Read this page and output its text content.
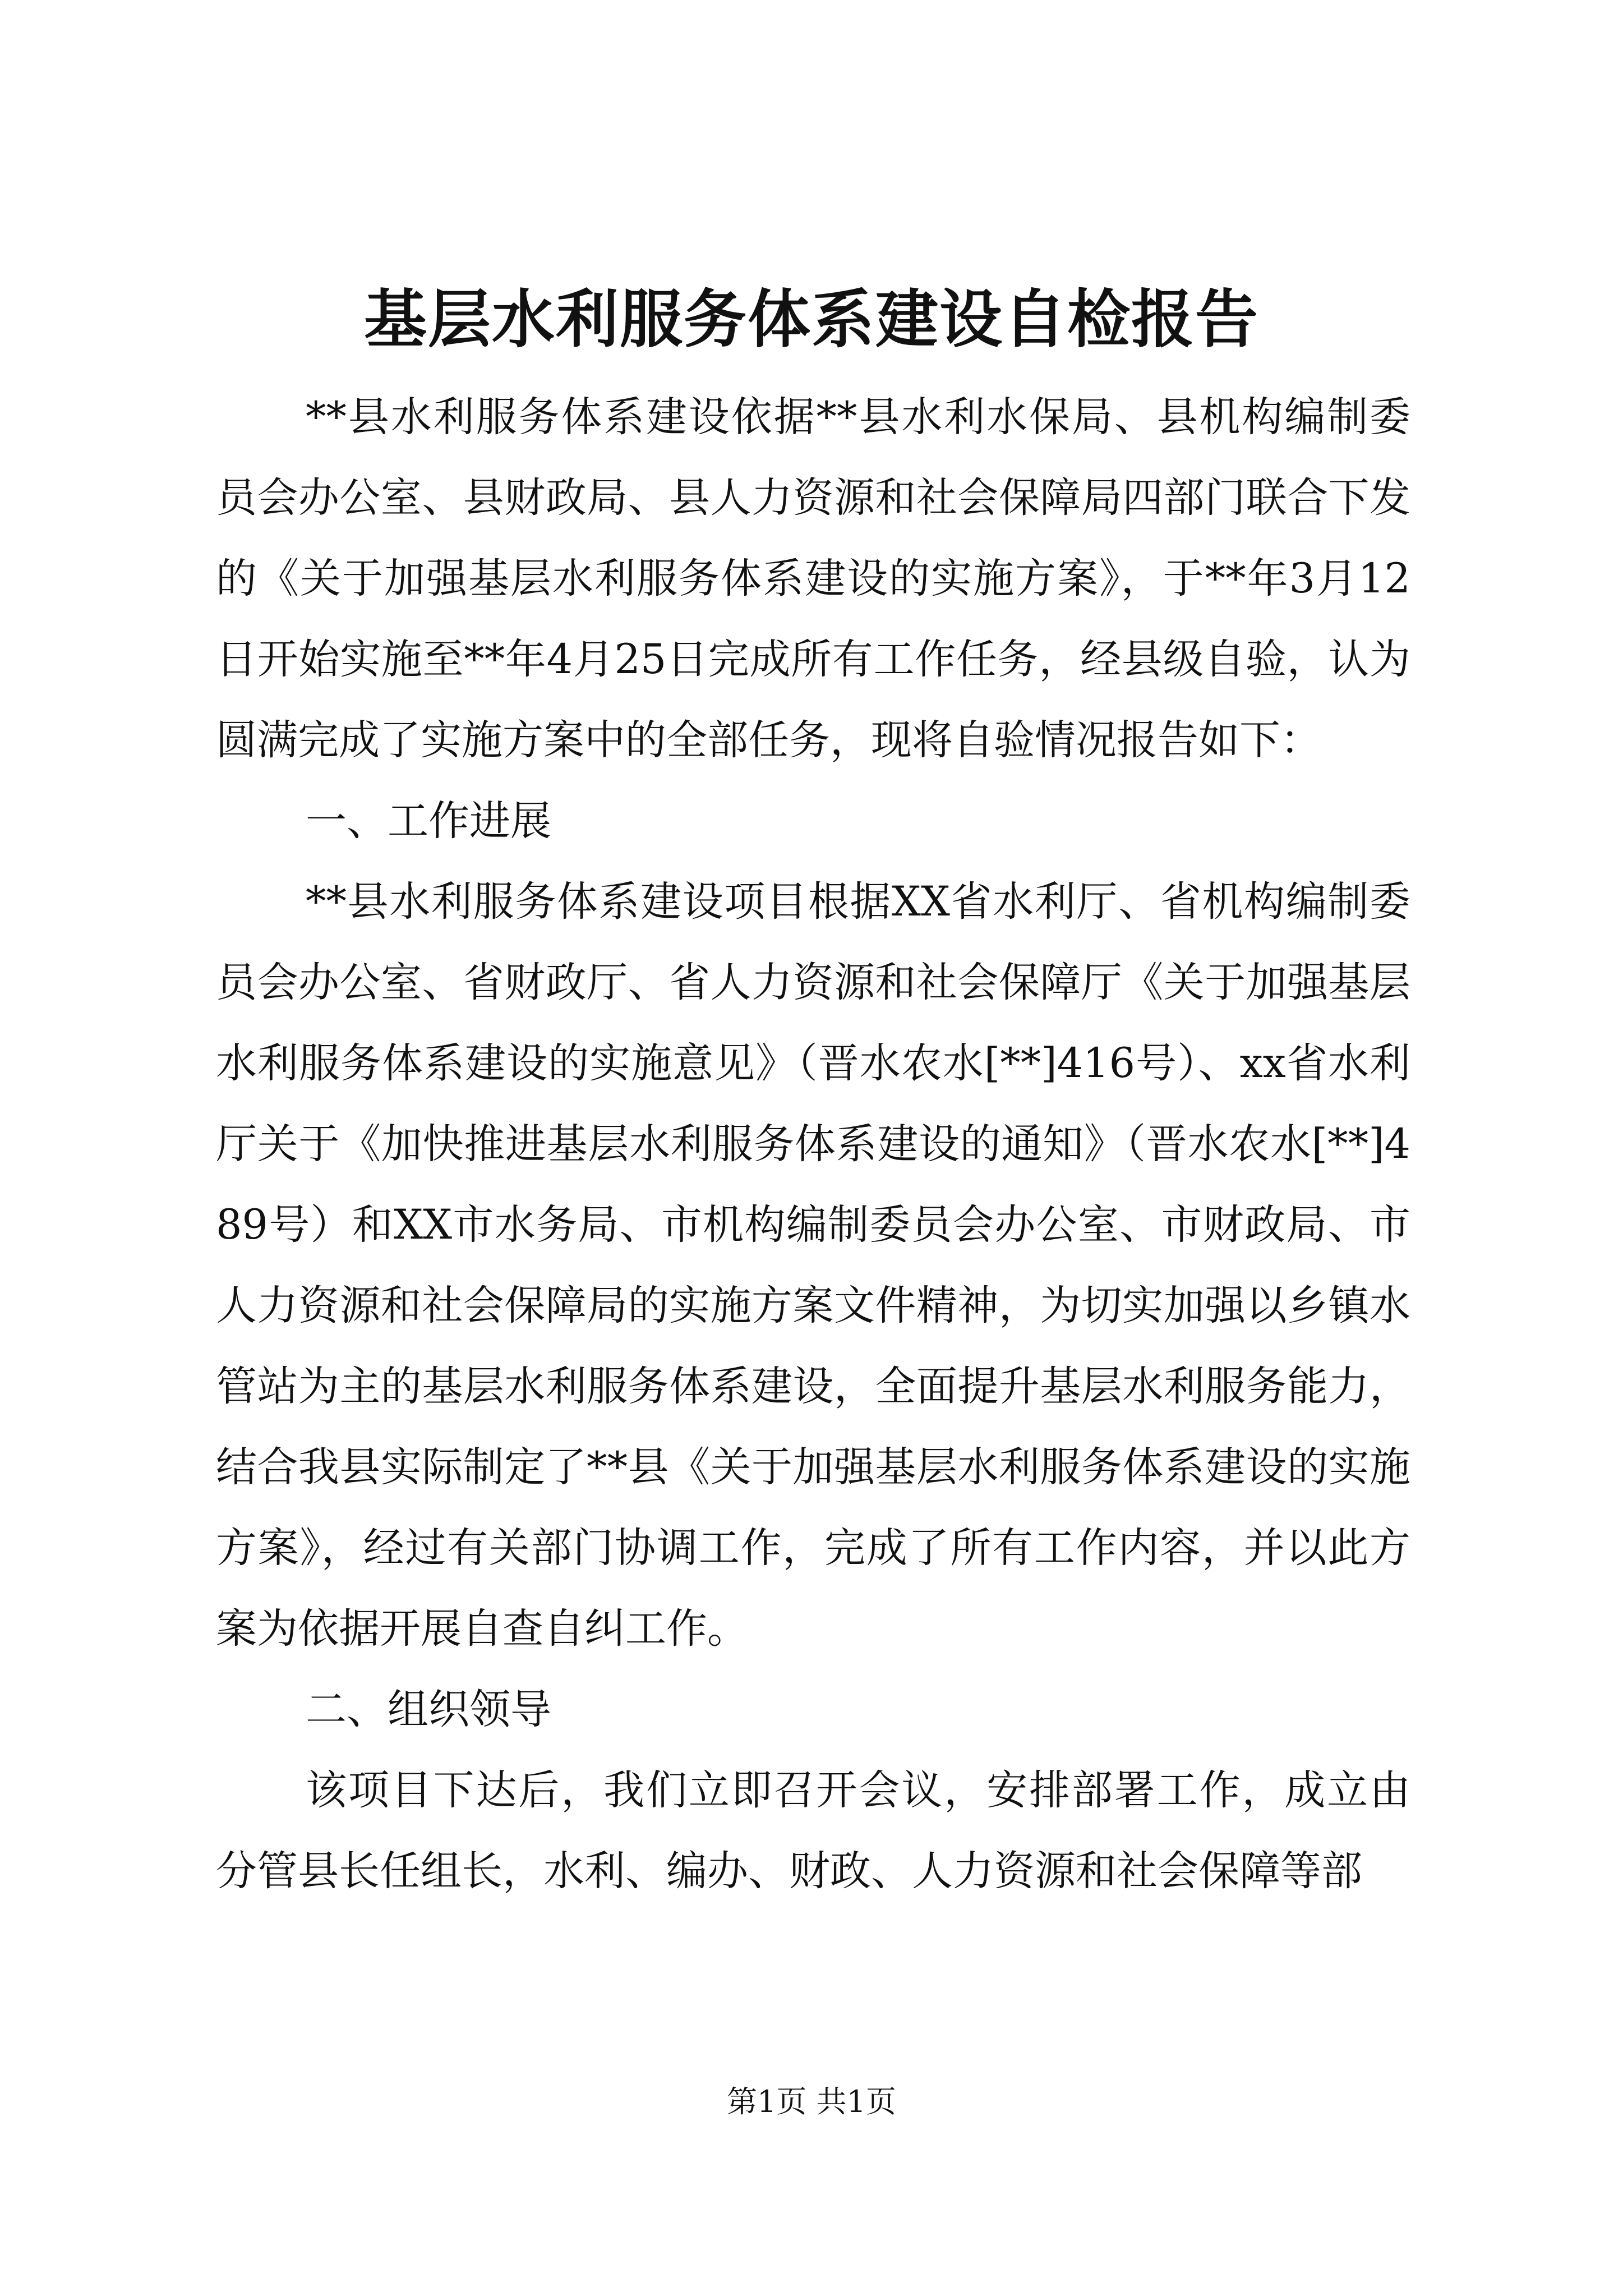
基层水利服务体系建设自检报告

**县水利服务体系建设依据**县水利水保局、县机构编制委员会办公室、县财政局、县人力资源和社会保障局四部门联合下发的《关于加强基层水利服务体系建设的实施方案》，于**年3月12日开始实施至**年4月25日完成所有工作任务，经县级自验，认为圆满完成了实施方案中的全部任务，现将自验情况报告如下：

一、工作进展

**县水利服务体系建设项目根据XX省水利厅、省机构编制委员会办公室、省财政厅、省人力资源和社会保障厅《关于加强基层水利服务体系建设的实施意见》（晋水农水[**]416号）、xx省水利厅关于《加快推进基层水利服务体系建设的通知》（晋水农水[**]489号）和XX市水务局、市机构编制委员会办公室、市财政局、市人力资源和社会保障局的实施方案文件精神，为切实加强以乡镇水管站为主的基层水利服务体系建设，全面提升基层水利服务能力，结合我县实际制定了**县《关于加强基层水利服务体系建设的实施方案》，经过有关部门协调工作，完成了所有工作内容，并以此方案为依据开展自查自纠工作。

二、组织领导

该项目下达后，我们立即召开会议，安排部署工作，成立由分管县长任组长，水利、编办、财政、人力资源和社会保障等部

第1页 共1页
